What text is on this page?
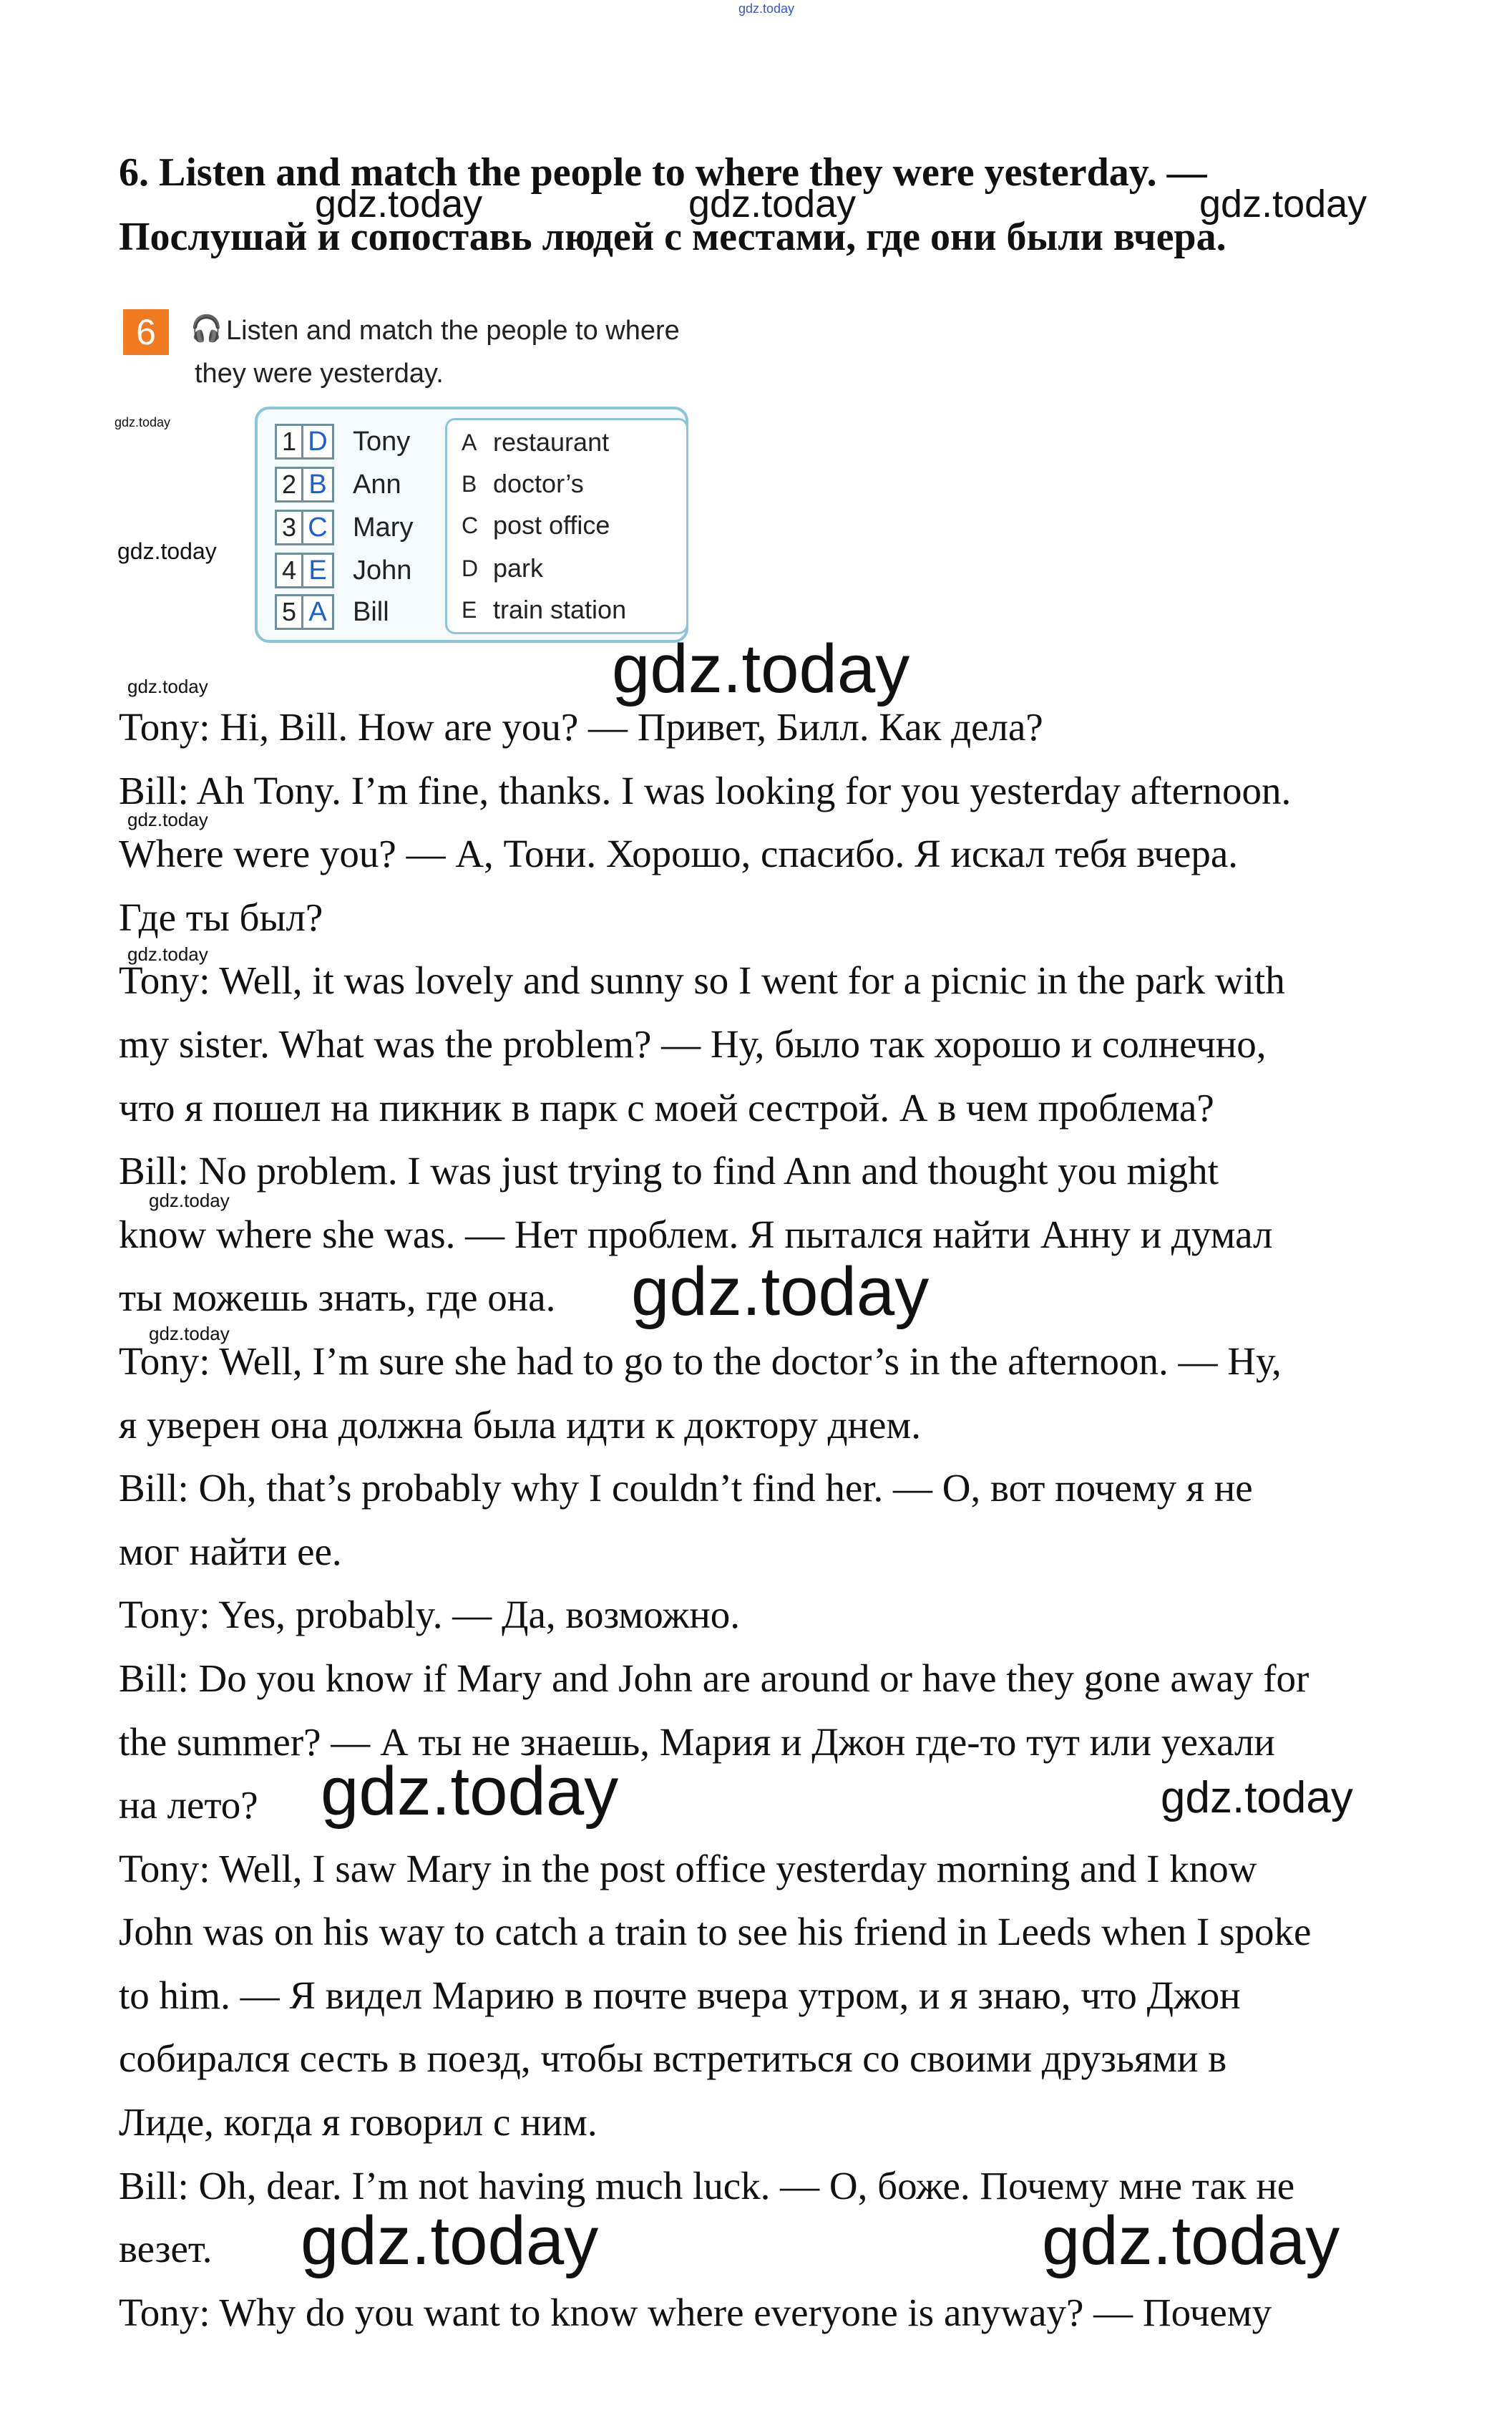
gdz.today
6. Listen and match the people to where they were yesterday. —
Послушай и сопоставь людей с местами, где они были вчера.
6	🎧 Listen and match the people to where
they were yesterday.
1 D Tony
2 B Ann
3 C Mary
4 E John
5 A Bill
A restaurant
B doctor’s
C post office
D park
E train station
Tony: Hi, Bill. How are you? — Привет, Билл. Как дела?
Bill: Ah Tony. I’m fine, thanks. I was looking for you yesterday afternoon.
Where were you? — А, Тони. Хорошо, спасибо. Я искал тебя вчера.
Где ты был?
Tony: Well, it was lovely and sunny so I went for a picnic in the park with
my sister. What was the problem? — Ну, было так хорошо и солнечно,
что я пошел на пикник в парк с моей сестрой. А в чем проблема?
Bill: No problem. I was just trying to find Ann and thought you might
know where she was. — Нет проблем. Я пытался найти Анну и думал
ты можешь знать, где она.
Tony: Well, I’m sure she had to go to the doctor’s in the afternoon. — Ну,
я уверен она должна была идти к доктору днем.
Bill: Oh, that’s probably why I couldn’t find her. — О, вот почему я не
мог найти ее.
Tony: Yes, probably. — Да, возможно.
Bill: Do you know if Mary and John are around or have they gone away for
the summer? — А ты не знаешь, Мария и Джон где-то тут или уехали
на лето?
Tony: Well, I saw Mary in the post office yesterday morning and I know
John was on his way to catch a train to see his friend in Leeds when I spoke
to him. — Я видел Марию в почте вчера утром, и я знаю, что Джон
собирался сесть в поезд, чтобы встретиться со своими друзьями в
Лиде, когда я говорил с ним.
Bill: Oh, dear. I’m not having much luck. — О, боже. Почему мне так не
везет.
Tony: Why do you want to know where everyone is anyway? — Почему
gdz.today	gdz.today	gdz.today
gdz.today
gdz.today
gdz.today	gdz.today
gdz.today
gdz.today
gdz.today
gdz.today
gdz.today
gdz.today	gdz.today
gdz.today	gdz.today
